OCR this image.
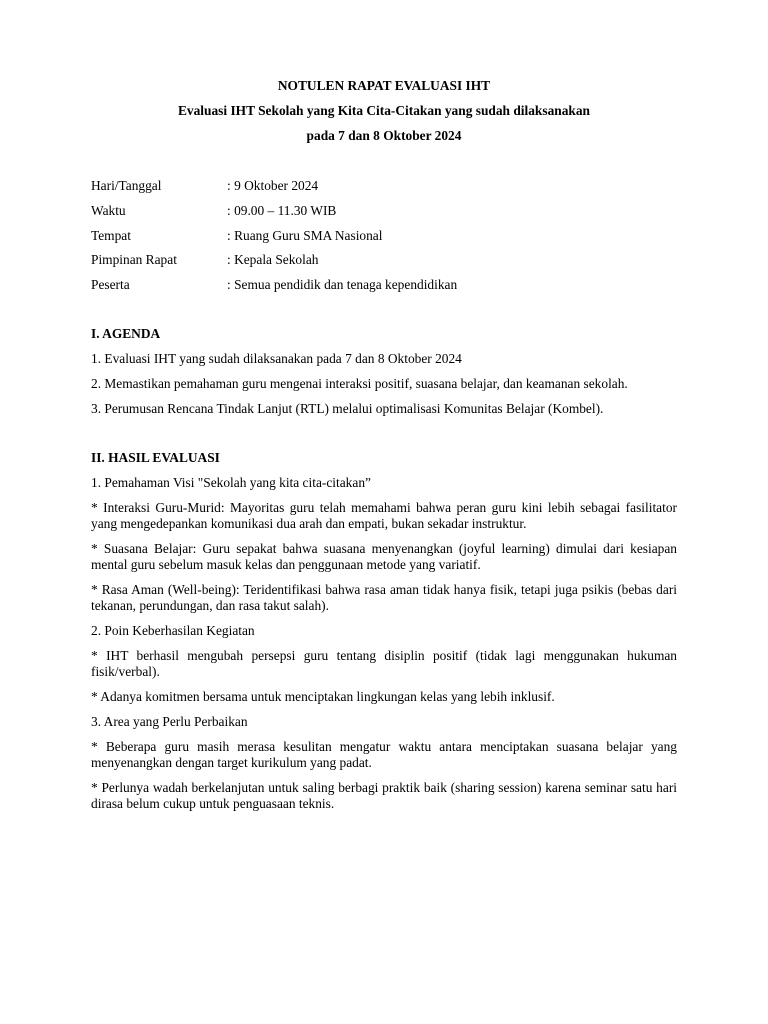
NOTULEN RAPAT EVALUASI IHT
Evaluasi IHT Sekolah yang Kita Cita-Citakan yang sudah dilaksanakan
pada 7 dan 8 Oktober 2024
Hari/Tanggal	: 9 Oktober 2024
Waktu	: 09.00 – 11.30 WIB
Tempat	: Ruang Guru SMA Nasional
Pimpinan Rapat	: Kepala Sekolah
Peserta	: Semua pendidik dan tenaga kependidikan
I. AGENDA
1. Evaluasi IHT yang sudah dilaksanakan pada 7 dan 8 Oktober 2024
2. Memastikan pemahaman guru mengenai interaksi positif, suasana belajar, dan keamanan sekolah.
3. Perumusan Rencana Tindak Lanjut (RTL) melalui optimalisasi Komunitas Belajar (Kombel).
II. HASIL EVALUASI
1. Pemahaman Visi "Sekolah yang kita cita-citakan”
* Interaksi Guru-Murid: Mayoritas guru telah memahami bahwa peran guru kini lebih sebagai fasilitator yang mengedepankan komunikasi dua arah dan empati, bukan sekadar instruktur.
* Suasana Belajar: Guru sepakat bahwa suasana menyenangkan (joyful learning) dimulai dari kesiapan mental guru sebelum masuk kelas dan penggunaan metode yang variatif.
* Rasa Aman (Well-being): Teridentifikasi bahwa rasa aman tidak hanya fisik, tetapi juga psikis (bebas dari tekanan, perundungan, dan rasa takut salah).
2. Poin Keberhasilan Kegiatan
* IHT berhasil mengubah persepsi guru tentang disiplin positif (tidak lagi menggunakan hukuman fisik/verbal).
* Adanya komitmen bersama untuk menciptakan lingkungan kelas yang lebih inklusif.
3. Area yang Perlu Perbaikan
* Beberapa guru masih merasa kesulitan mengatur waktu antara menciptakan suasana belajar yang menyenangkan dengan target kurikulum yang padat.
* Perlunya wadah berkelanjutan untuk saling berbagi praktik baik (sharing session) karena seminar satu hari dirasa belum cukup untuk penguasaan teknis.
